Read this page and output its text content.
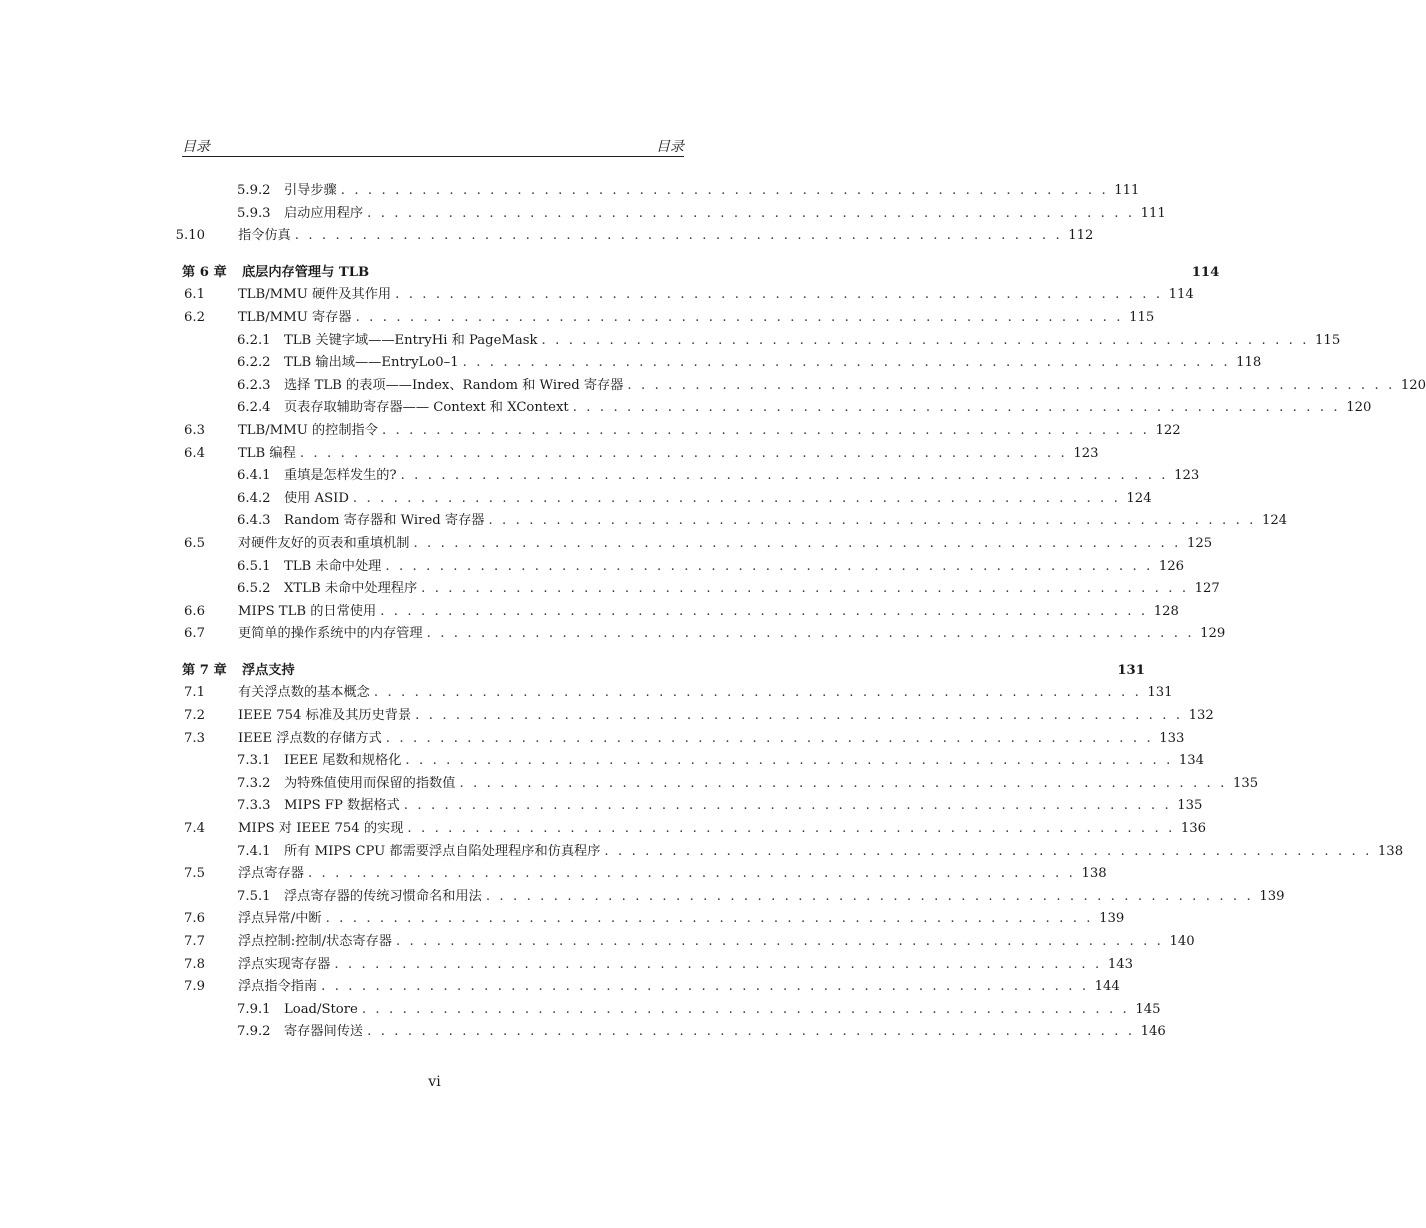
目录	目录
5.9.2 引导步骤 . . . . . . . . . . . . . . . . . . . . . . . . . . . . . . . . . . . . . . . . . . . . . . . . . . . . . . . . . 111
5.9.3 启动应用程序 . . . . . . . . . . . . . . . . . . . . . . . . . . . . . . . . . . . . . . . . . . . . . . . . . . . . . . . . . 111
5.10	指令仿真 . . . . . . . . . . . . . . . . . . . . . . . . . . . . . . . . . . . . . . . . . . . . . . . . . . . . . . . . . 112
第 6 章 底层内存管理与 TLB	114
6.1	TLB/MMU 硬件及其作用 . . . . . . . . . . . . . . . . . . . . . . . . . . . . . . . . . . . . . . . . . . . . . . . . . . . . . . . . . 114
6.2	TLB/MMU 寄存器 . . . . . . . . . . . . . . . . . . . . . . . . . . . . . . . . . . . . . . . . . . . . . . . . . . . . . . . . . 115
6.2.1 TLB 关键字域——EntryHi 和 PageMask . . . . . . . . . . . . . . . . . . . . . . . . . . . . . . . . . . . . . . . . . . . . . . . . . . . . . . . . . 115
6.2.2 TLB 输出域——EntryLo0–1 . . . . . . . . . . . . . . . . . . . . . . . . . . . . . . . . . . . . . . . . . . . . . . . . . . . . . . . . . 118
6.2.3 选择 TLB 的表项——Index、Random 和 Wired 寄存器 . . . . . . . . . . . . . . . . . . . . . . . . . . . . . . . . . . . . . . . . . . . . . . . . . . . . . . . . . 120
6.2.4 页表存取辅助寄存器—— Context 和 XContext . . . . . . . . . . . . . . . . . . . . . . . . . . . . . . . . . . . . . . . . . . . . . . . . . . . . . . . . . 120
6.3	TLB/MMU 的控制指令 . . . . . . . . . . . . . . . . . . . . . . . . . . . . . . . . . . . . . . . . . . . . . . . . . . . . . . . . . 122
6.4	TLB 编程 . . . . . . . . . . . . . . . . . . . . . . . . . . . . . . . . . . . . . . . . . . . . . . . . . . . . . . . . . 123
6.4.1 重填是怎样发生的? . . . . . . . . . . . . . . . . . . . . . . . . . . . . . . . . . . . . . . . . . . . . . . . . . . . . . . . . . 123
6.4.2 使用 ASID . . . . . . . . . . . . . . . . . . . . . . . . . . . . . . . . . . . . . . . . . . . . . . . . . . . . . . . . . 124
6.4.3 Random 寄存器和 Wired 寄存器 . . . . . . . . . . . . . . . . . . . . . . . . . . . . . . . . . . . . . . . . . . . . . . . . . . . . . . . . . 124
6.5	对硬件友好的页表和重填机制 . . . . . . . . . . . . . . . . . . . . . . . . . . . . . . . . . . . . . . . . . . . . . . . . . . . . . . . . . 125
6.5.1 TLB 未命中处理 . . . . . . . . . . . . . . . . . . . . . . . . . . . . . . . . . . . . . . . . . . . . . . . . . . . . . . . . . 126
6.5.2 XTLB 未命中处理程序 . . . . . . . . . . . . . . . . . . . . . . . . . . . . . . . . . . . . . . . . . . . . . . . . . . . . . . . . . 127
6.6	MIPS TLB 的日常使用 . . . . . . . . . . . . . . . . . . . . . . . . . . . . . . . . . . . . . . . . . . . . . . . . . . . . . . . . . 128
6.7	更简单的操作系统中的内存管理 . . . . . . . . . . . . . . . . . . . . . . . . . . . . . . . . . . . . . . . . . . . . . . . . . . . . . . . . . 129
第 7 章 浮点支持	131
7.1	有关浮点数的基本概念 . . . . . . . . . . . . . . . . . . . . . . . . . . . . . . . . . . . . . . . . . . . . . . . . . . . . . . . . . 131
7.2	IEEE 754 标准及其历史背景 . . . . . . . . . . . . . . . . . . . . . . . . . . . . . . . . . . . . . . . . . . . . . . . . . . . . . . . . . 132
7.3	IEEE 浮点数的存储方式 . . . . . . . . . . . . . . . . . . . . . . . . . . . . . . . . . . . . . . . . . . . . . . . . . . . . . . . . . 133
7.3.1 IEEE 尾数和规格化 . . . . . . . . . . . . . . . . . . . . . . . . . . . . . . . . . . . . . . . . . . . . . . . . . . . . . . . . . 134
7.3.2 为特殊值使用而保留的指数值 . . . . . . . . . . . . . . . . . . . . . . . . . . . . . . . . . . . . . . . . . . . . . . . . . . . . . . . . . 135
7.3.3 MIPS FP 数据格式 . . . . . . . . . . . . . . . . . . . . . . . . . . . . . . . . . . . . . . . . . . . . . . . . . . . . . . . . . 135
7.4	MIPS 对 IEEE 754 的实现 . . . . . . . . . . . . . . . . . . . . . . . . . . . . . . . . . . . . . . . . . . . . . . . . . . . . . . . . . 136
7.4.1 所有 MIPS CPU 都需要浮点自陷处理程序和仿真程序 . . . . . . . . . . . . . . . . . . . . . . . . . . . . . . . . . . . . . . . . . . . . . . . . . . . . . . . . . 138
7.5	浮点寄存器 . . . . . . . . . . . . . . . . . . . . . . . . . . . . . . . . . . . . . . . . . . . . . . . . . . . . . . . . . 138
7.5.1 浮点寄存器的传统习惯命名和用法 . . . . . . . . . . . . . . . . . . . . . . . . . . . . . . . . . . . . . . . . . . . . . . . . . . . . . . . . . 139
7.6	浮点异常/中断 . . . . . . . . . . . . . . . . . . . . . . . . . . . . . . . . . . . . . . . . . . . . . . . . . . . . . . . . . 139
7.7	浮点控制:控制/状态寄存器 . . . . . . . . . . . . . . . . . . . . . . . . . . . . . . . . . . . . . . . . . . . . . . . . . . . . . . . . . 140
7.8	浮点实现寄存器 . . . . . . . . . . . . . . . . . . . . . . . . . . . . . . . . . . . . . . . . . . . . . . . . . . . . . . . . . 143
7.9	浮点指令指南 . . . . . . . . . . . . . . . . . . . . . . . . . . . . . . . . . . . . . . . . . . . . . . . . . . . . . . . . . 144
7.9.1 Load/Store . . . . . . . . . . . . . . . . . . . . . . . . . . . . . . . . . . . . . . . . . . . . . . . . . . . . . . . . . 145
7.9.2 寄存器间传送 . . . . . . . . . . . . . . . . . . . . . . . . . . . . . . . . . . . . . . . . . . . . . . . . . . . . . . . . . 146
vi
